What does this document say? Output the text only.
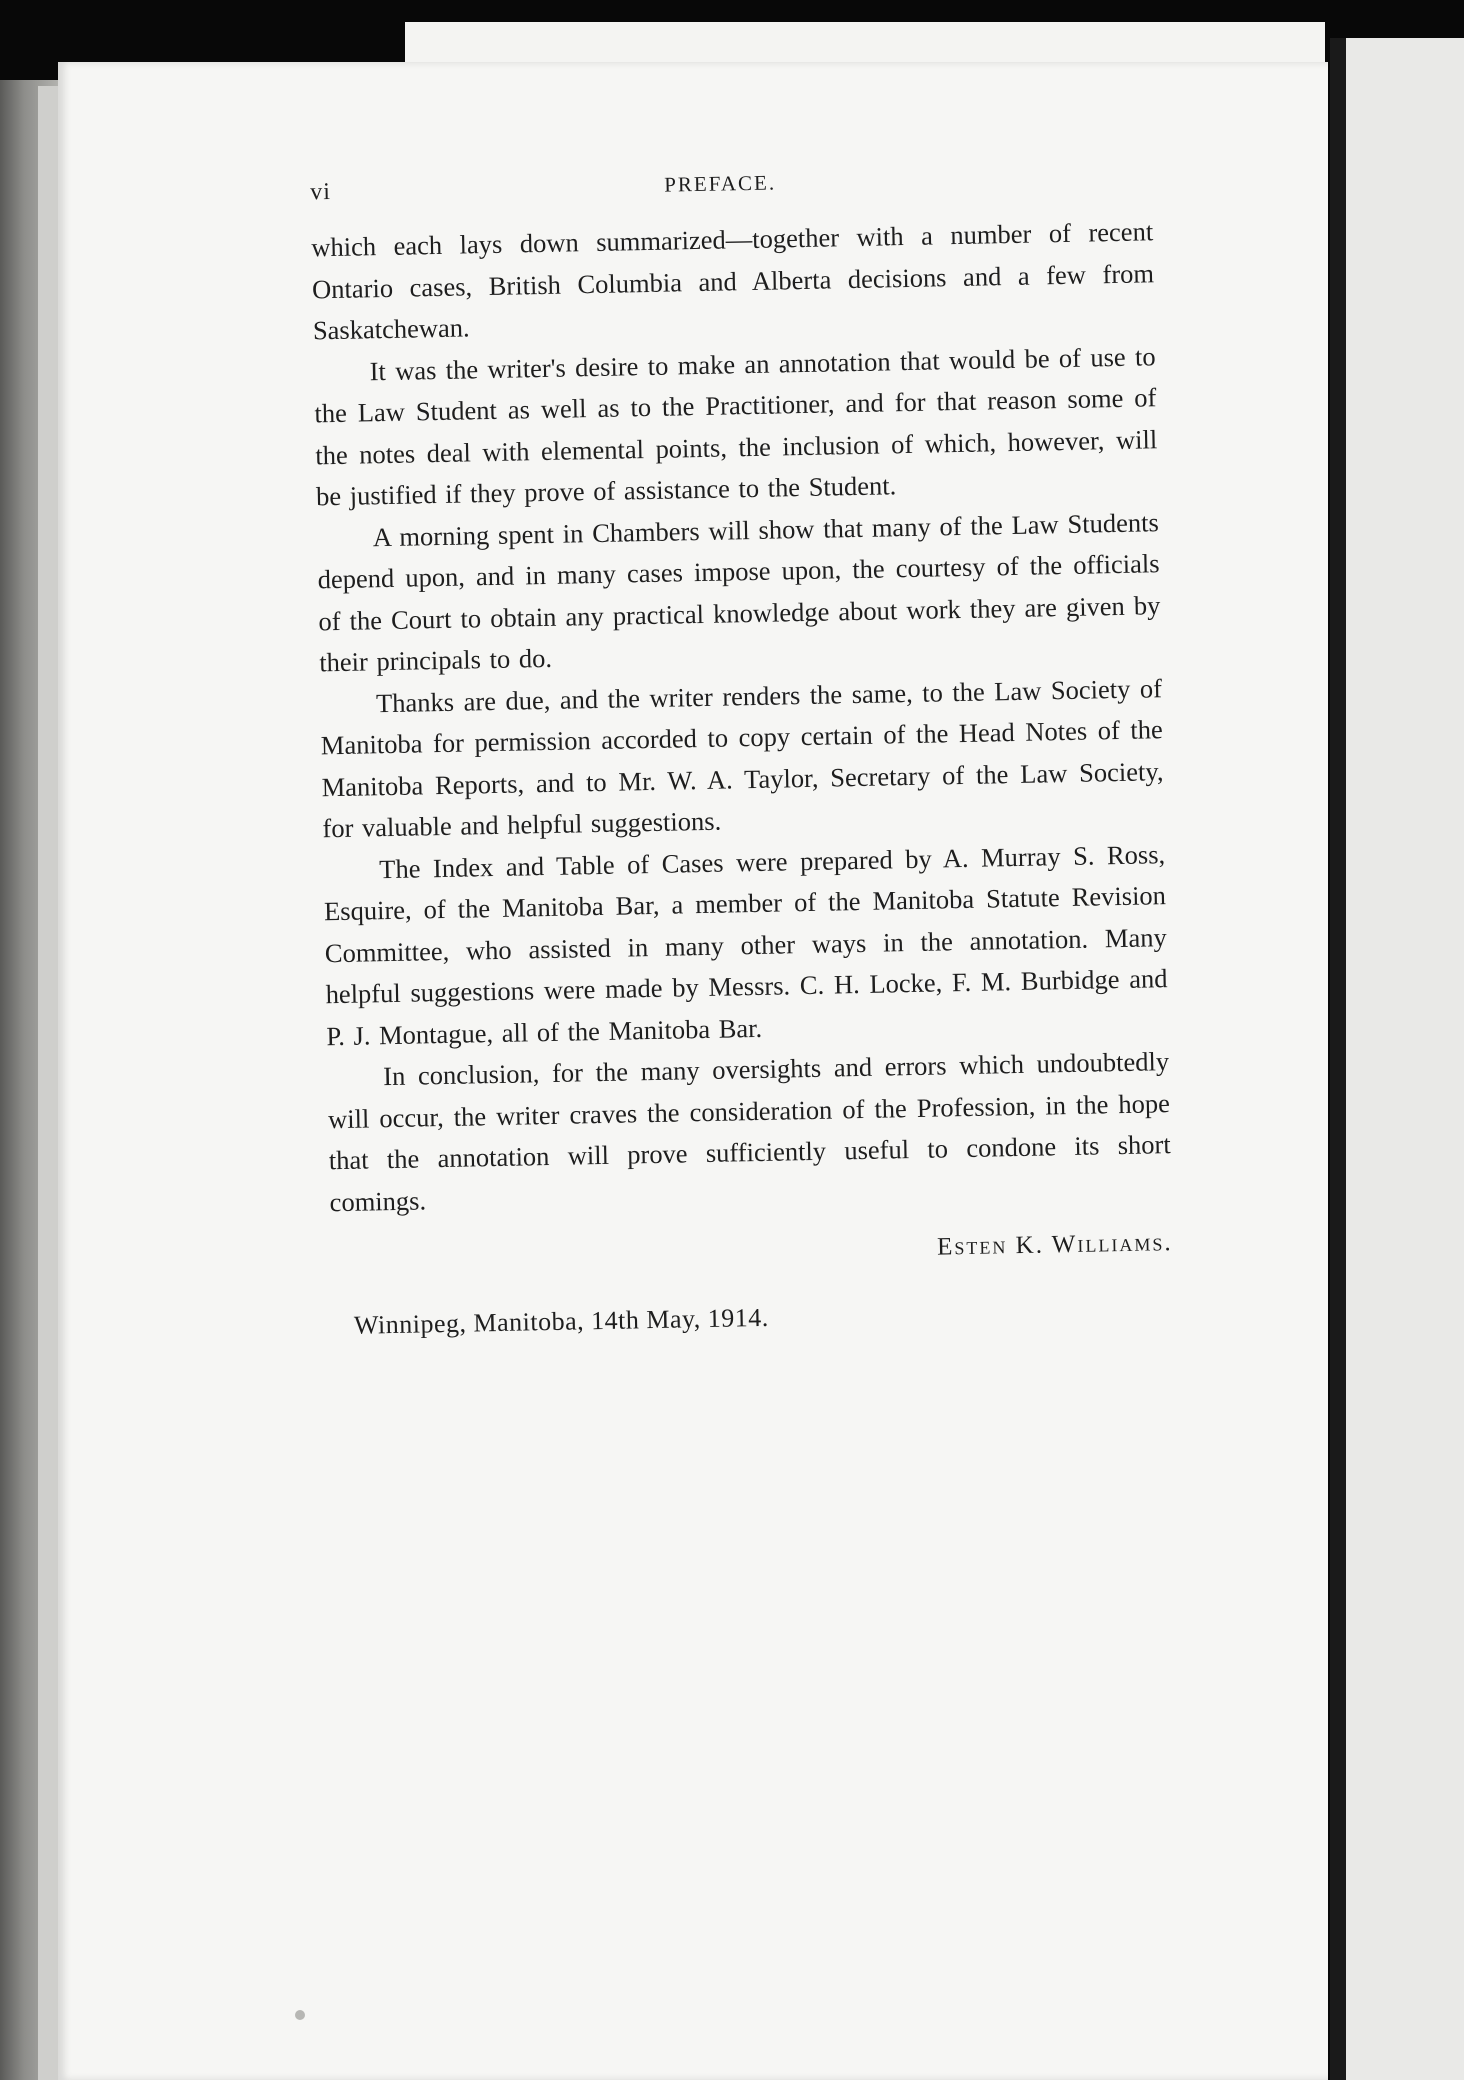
vi	PREFACE.

which each lays down summarized—together with a number of recent Ontario cases, British Columbia and Alberta decisions and a few from Saskatchewan.

It was the writer's desire to make an annotation that would be of use to the Law Student as well as to the Practitioner, and for that reason some of the notes deal with elemental points, the inclusion of which, however, will be justified if they prove of assistance to the Student.

A morning spent in Chambers will show that many of the Law Students depend upon, and in many cases impose upon, the courtesy of the officials of the Court to obtain any practical knowledge about work they are given by their principals to do.

Thanks are due, and the writer renders the same, to the Law Society of Manitoba for permission accorded to copy certain of the Head Notes of the Manitoba Reports, and to Mr. W. A. Taylor, Secretary of the Law Society, for valuable and helpful suggestions.

The Index and Table of Cases were prepared by A. Murray S. Ross, Esquire, of the Manitoba Bar, a member of the Manitoba Statute Revision Committee, who assisted in many other ways in the annotation. Many helpful suggestions were made by Messrs. C. H. Locke, F. M. Burbidge and P. J. Montague, all of the Manitoba Bar.

In conclusion, for the many oversights and errors which undoubtedly will occur, the writer craves the consideration of the Profession, in the hope that the annotation will prove sufficiently useful to condone its short comings.

Esten K. Williams.
Winnipeg, Manitoba, 14th May, 1914.
